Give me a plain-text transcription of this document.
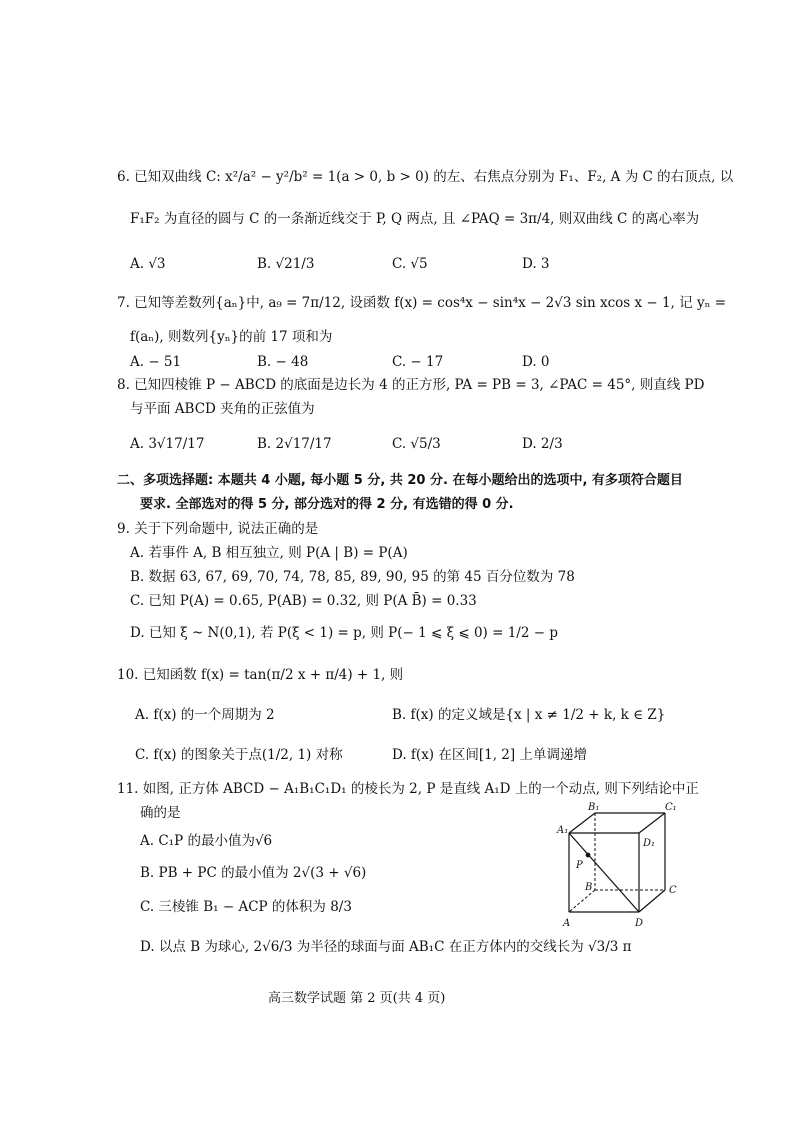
6. 已知双曲线 C: x²/a² − y²/b² = 1(a > 0, b > 0) 的左、右焦点分别为 F₁、F₂, A 为 C 的右顶点, 以
F₁F₂ 为直径的圆与 C 的一条渐近线交于 P, Q 两点, 且 ∠PAQ = 3π/4, 则双曲线 C 的离心率为
A. √3	B. √21/3	C. √5	D. 3
7. 已知等差数列{aₙ}中, a₉ = 7π/12, 设函数 f(x) = cos⁴x − sin⁴x − 2√3 sin xcos x − 1, 记 yₙ =
f(aₙ), 则数列{yₙ}的前 17 项和为
A. − 51	B. − 48	C. − 17	D. 0
8. 已知四棱锥 P − ABCD 的底面是边长为 4 的正方形, PA = PB = 3, ∠PAC = 45°, 则直线 PD
与平面 ABCD 夹角的正弦值为
A. 3√17/17	B. 2√17/17	C. √5/3	D. 2/3
二、多项选择题: 本题共 4 小题, 每小题 5 分, 共 20 分. 在每小题给出的选项中, 有多项符合题目
要求. 全部选对的得 5 分, 部分选对的得 2 分, 有选错的得 0 分.
9. 关于下列命题中, 说法正确的是
A. 若事件 A, B 相互独立, 则 P(A | B) = P(A)
B. 数据 63, 67, 69, 70, 74, 78, 85, 89, 90, 95 的第 45 百分位数为 78
C. 已知 P(A) = 0.65, P(AB) = 0.32, 则 P(A B̄) = 0.33
D. 已知 ξ ~ N(0,1), 若 P(ξ < 1) = p, 则 P(− 1 ⩽ ξ ⩽ 0) = 1/2 − p
10. 已知函数 f(x) = tan(π/2 x + π/4) + 1, 则
A. f(x) 的一个周期为 2	B. f(x) 的定义域是{x | x ≠ 1/2 + k, k ∈ Z}
C. f(x) 的图象关于点(1/2, 1) 对称	D. f(x) 在区间[1, 2] 上单调递增
11. 如图, 正方体 ABCD − A₁B₁C₁D₁ 的棱长为 2, P 是直线 A₁D 上的一个动点, 则下列结论中正
确的是
A. C₁P 的最小值为√6
B. PB + PC 的最小值为 2√(3 + √6)
C. 三棱锥 B₁ − ACP 的体积为 8/3
D. 以点 B 为球心, 2√6/3 为半径的球面与面 AB₁C 在正方体内的交线长为 √3/3 π
B₁	C₁
A₁
D₁
P
B	C
A	D
高三数学试题 第 2 页(共 4 页)
